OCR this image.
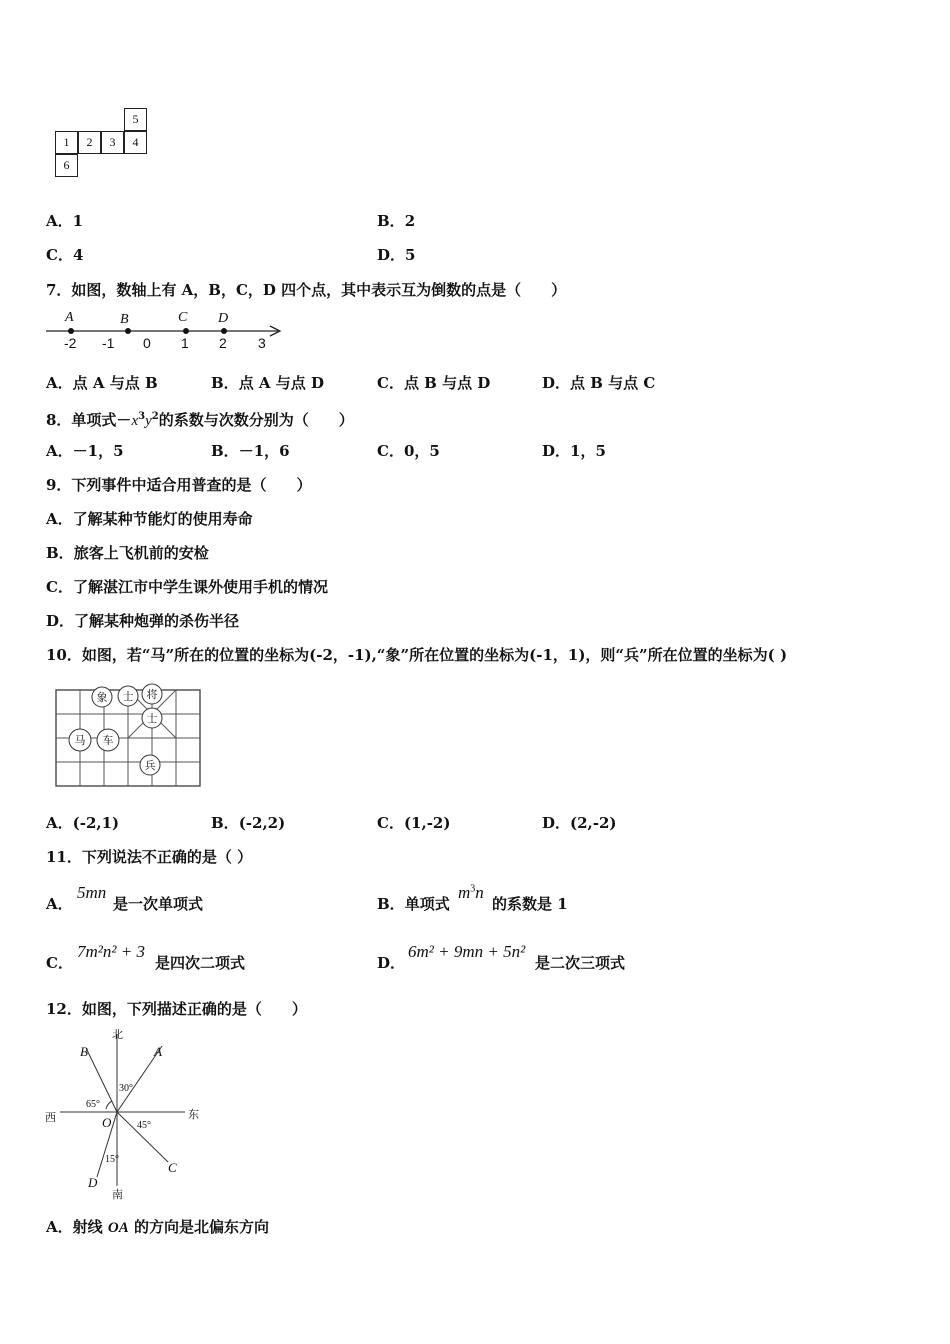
5
1	2	3	4
6
A．1	B．2
C．4	D．5
7．如图，数轴上有 A，B，C，D 四个点，其中表示互为倒数的点是（　　）
-2 -1 0 1 2 3
A	B	C D
A．点 A 与点 B	B．点 A 与点 D	C．点 B 与点 D	D．点 B 与点 C
8．单项式$-x^3y^2$的系数与次数分别为（　　）
A．－1，5	B．－1，6	C．0，5	D．1，5
9．下列事件中适合用普查的是（　　）
A．了解某种节能灯的使用寿命
B．旅客上飞机前的安检
C．了解湛江市中学生课外使用手机的情况
D．了解某种炮弹的杀伤半径
10．如图，若“马”所在的位置的坐标为(-2，-1),“象”所在位置的坐标为(-1，1)，则“兵”所在位置的坐标为( )
象 士 将
士
马 车
兵
A．(-2,1)	B．(-2,2)	C．(1,-2)	D．(2,-2)
11．下列说法不正确的是（ ）
A．
5mn
是一次单项式	B．单项式
$m^3n$
的系数是 1
C．
7m²n² + 3
是四次二项式	D．
6m² + 9mn + 5n²
是二次三项式
12．如图，下列描述正确的是（　　）
北
南
东
西	O
A
B
C
D
30°
65°
45°
15°
A．射线 OA 的方向是北偏东方向
